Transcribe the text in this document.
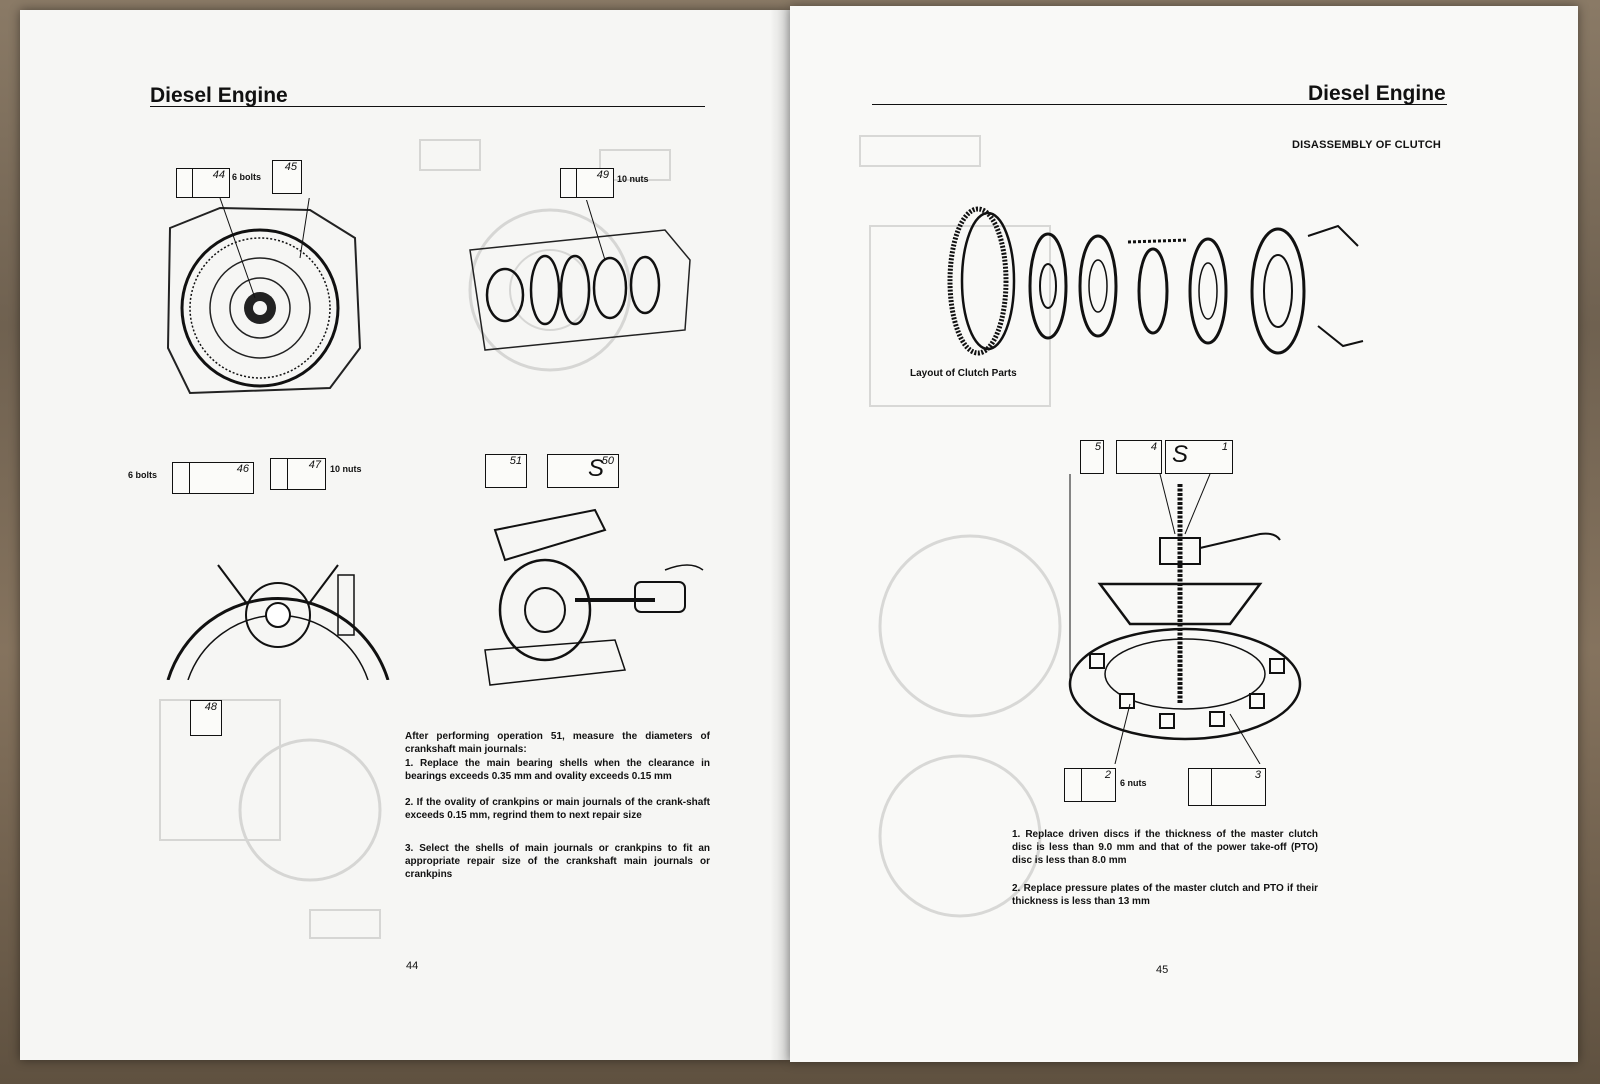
Diesel Engine
44 6 bolts
45
49 10 nuts
6 bolts	46	47 10 nuts
48
51	S
50
After performing operation 51, measure the diameters of crankshaft main journals:
1. Replace the main bearing shells when the clearance in bearings exceeds 0.35 mm and ovality exceeds 0.15 mm
2. If the ovality of crankpins or main journals of the crank-shaft exceeds 0.15 mm, regrind them to next repair size
3. Select the shells of main journals or crankpins to fit an appropriate repair size of the crankshaft main journals or crankpins
44
Diesel Engine
DISASSEMBLY OF CLUTCH
Layout of Clutch Parts
5	4 S	1
2
6 nuts
3
1. Replace driven discs if the thickness of the master clutch disc is less than 9.0 mm and that of the power take-off (PTO) disc is less than 8.0 mm
2. Replace pressure plates of the master clutch and PTO if their thickness is less than 13 mm
45
